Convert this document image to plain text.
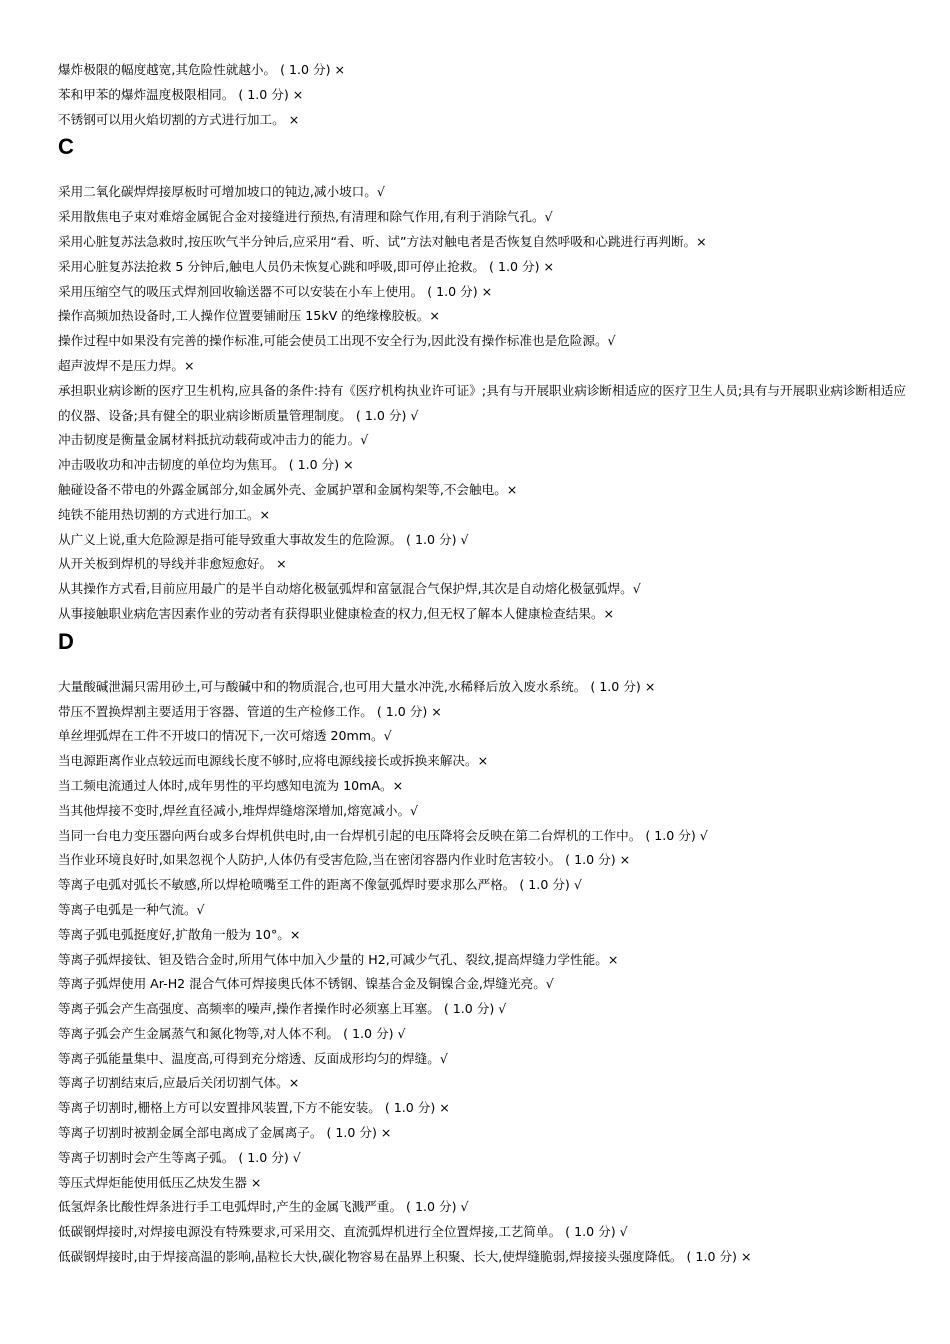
爆炸极限的幅度越宽,其危险性就越小。 ( 1.0 分) ×
苯和甲苯的爆炸温度极限相同。 ( 1.0 分) ×
不锈钢可以用火焰切割的方式进行加工。 ×
C
采用二氧化碳焊焊接厚板时可增加坡口的钝边,减小坡口。√
采用散焦电子束对难熔金属铌合金对接缝进行预热,有清理和除气作用,有利于消除气孔。√
采用心脏复苏法急救时,按压吹气半分钟后,应采用“看、听、试”方法对触电者是否恢复自然呼吸和心跳进行再判断。×
采用心脏复苏法抢救 5 分钟后,触电人员仍未恢复心跳和呼吸,即可停止抢救。 ( 1.0 分) ×
采用压缩空气的吸压式焊剂回收输送器不可以安装在小车上使用。 ( 1.0 分) ×
操作高频加热设备时,工人操作位置要铺耐压 15kV 的绝缘橡胶板。×
操作过程中如果没有完善的操作标准,可能会使员工出现不安全行为,因此没有操作标准也是危险源。√
超声波焊不是压力焊。×
承担职业病诊断的医疗卫生机构,应具备的条件:持有《医疗机构执业许可证》;具有与开展职业病诊断相适应的医疗卫生人员;具有与开展职业病诊断相适应的仪器、设备;具有健全的职业病诊断质量管理制度。 ( 1.0 分) √
冲击韧度是衡量金属材料抵抗动载荷或冲击力的能力。√
冲击吸收功和冲击韧度的单位均为焦耳。 ( 1.0 分) ×
触碰设备不带电的外露金属部分,如金属外壳、金属护罩和金属构架等,不会触电。×
纯铁不能用热切割的方式进行加工。×
从广义上说,重大危险源是指可能导致重大事故发生的危险源。 ( 1.0 分) √
从开关板到焊机的导线并非愈短愈好。 ×
从其操作方式看,目前应用最广的是半自动熔化极氩弧焊和富氩混合气保护焊,其次是自动熔化极氩弧焊。√
从事接触职业病危害因素作业的劳动者有获得职业健康检查的权力,但无权了解本人健康检查结果。×
D
大量酸碱泄漏只需用砂土,可与酸碱中和的物质混合,也可用大量水冲洗,水稀释后放入废水系统。 ( 1.0 分) ×
带压不置换焊割主要适用于容器、管道的生产检修工作。 ( 1.0 分) ×
单丝埋弧焊在工件不开坡口的情况下,一次可熔透 20mm。√
当电源距离作业点较远而电源线长度不够时,应将电源线接长或拆换来解决。×
当工频电流通过人体时,成年男性的平均感知电流为 10mA。×
当其他焊接不变时,焊丝直径减小,堆焊焊缝熔深增加,熔宽减小。√
当同一台电力变压器向两台或多台焊机供电时,由一台焊机引起的电压降将会反映在第二台焊机的工作中。 ( 1.0 分) √
当作业环境良好时,如果忽视个人防护,人体仍有受害危险,当在密闭容器内作业时危害较小。 ( 1.0 分) ×
等离子电弧对弧长不敏感,所以焊枪喷嘴至工件的距离不像氩弧焊时要求那么严格。 ( 1.0 分) √
等离子电弧是一种气流。√
等离子弧电弧挺度好,扩散角一般为 10°。×
等离子弧焊接钛、钽及锆合金时,所用气体中加入少量的 H2,可减少气孔、裂纹,提高焊缝力学性能。×
等离子弧焊使用 Ar-H2 混合气体可焊接奥氏体不锈钢、镍基合金及铜镍合金,焊缝光亮。√
等离子弧会产生高强度、高频率的噪声,操作者操作时必须塞上耳塞。 ( 1.0 分) √
等离子弧会产生金属蒸气和氮化物等,对人体不利。 ( 1.0 分) √
等离子弧能量集中、温度高,可得到充分熔透、反面成形均匀的焊缝。√
等离子切割结束后,应最后关闭切割气体。×
等离子切割时,栅格上方可以安置排风装置,下方不能安装。 ( 1.0 分) ×
等离子切割时被割金属全部电离成了金属离子。 ( 1.0 分) ×
等离子切割时会产生等离子弧。 ( 1.0 分) √
等压式焊炬能使用低压乙炔发生器 ×
低氢焊条比酸性焊条进行手工电弧焊时,产生的金属飞溅严重。 ( 1.0 分) √
低碳钢焊接时,对焊接电源没有特殊要求,可采用交、直流弧焊机进行全位置焊接,工艺简单。 ( 1.0 分) √
低碳钢焊接时,由于焊接高温的影响,晶粒长大快,碳化物容易在晶界上积聚、长大,使焊缝脆弱,焊接接头强度降低。 ( 1.0 分) ×
